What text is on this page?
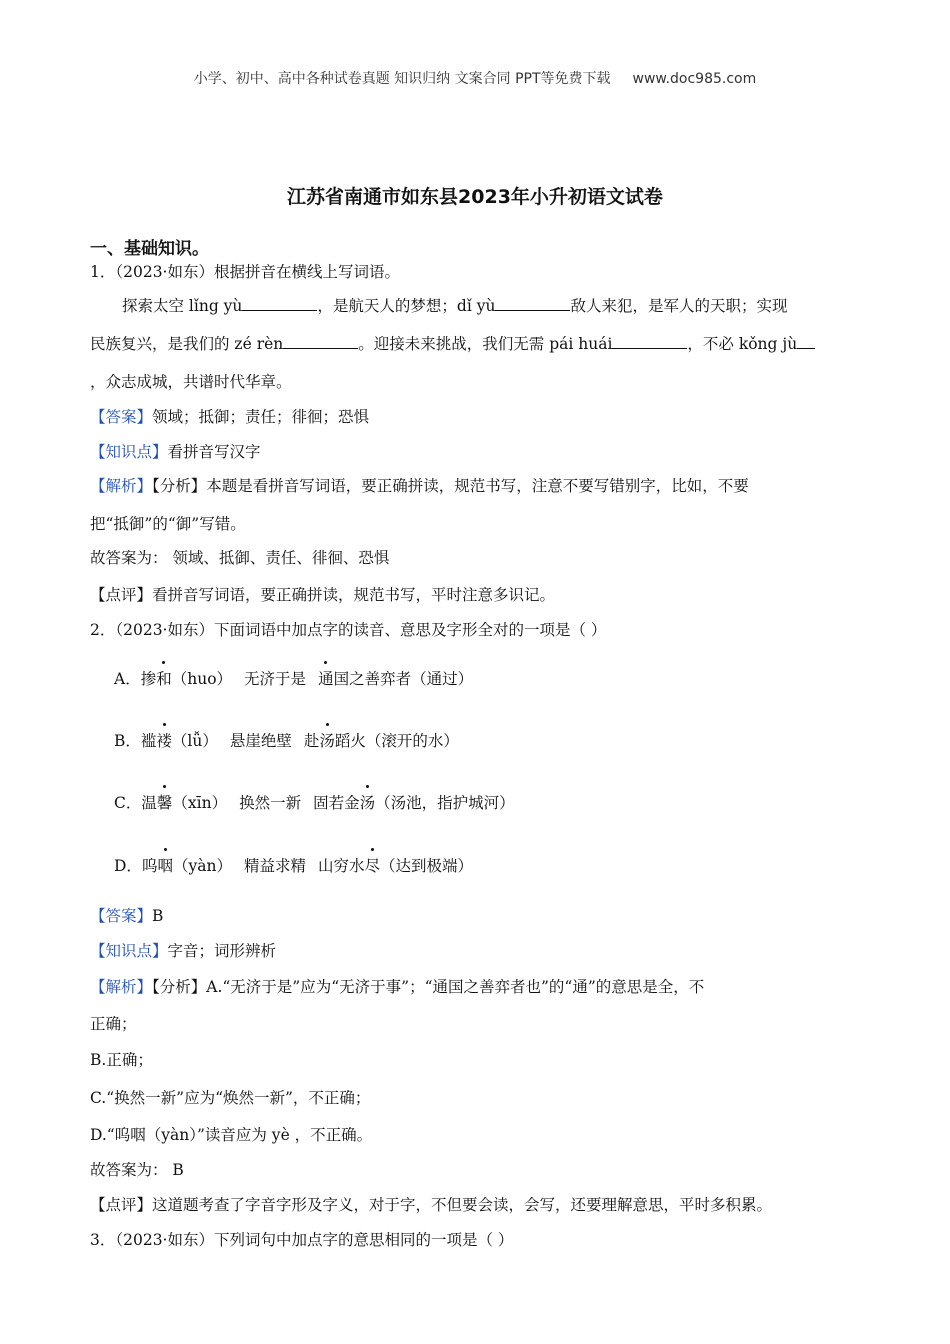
小学、初中、高中各种试卷真题 知识归纳 文案合同 PPT等免费下载 www.doc985.com
江苏省南通市如东县2023年小升初语文试卷
一、基础知识。
1．（2023·如东）根据拼音在横线上写词语。
探索太空 lǐng yù	，是航天人的梦想；dǐ yù	敌人来犯，是军人的天职；实现
民族复兴，是我们的 zé rèn	。迎接未来挑战，我们无需 pái huái	，不必 kǒng jù
，众志成城，共谱时代华章。
【答案】领域；抵御；责任；徘徊；恐惧
【知识点】看拼音写汉字
【解析】【分析】本题是看拼音写词语，要正确拼读，规范书写，注意不要写错别字，比如，不要
把“抵御”的“御”写错。
故答案为： 领域、抵御、责任、徘徊、恐惧
【点评】看拼音写词语，要正确拼读，规范书写，平时注意多识记。
2．（2023·如东）下面词语中加点字的读音、意思及字形全对的一项是（ ）
A．掺和（huo） 无济于是 通国之善弈者（通过）
B．褴褛（lǚ） 悬崖绝壁 赴汤蹈火（滚开的水）
C．温馨（xīn） 换然一新 固若金汤（汤池，指护城河）
D．呜咽（yàn） 精益求精 山穷水尽（达到极端）
【答案】B
【知识点】字音；词形辨析
【解析】【分析】A.“无济于是”应为“无济于事”；“通国之善弈者也”的“通”的意思是全，不
正确；
B.正确；
C.“换然一新”应为“焕然一新”，不正确；
D.“呜咽（yàn）”读音应为 yè ，不正确。
故答案为： B
【点评】这道题考查了字音字形及字义，对于字，不但要会读，会写，还要理解意思，平时多积累。
3．（2023·如东）下列词句中加点字的意思相同的一项是（ ）
